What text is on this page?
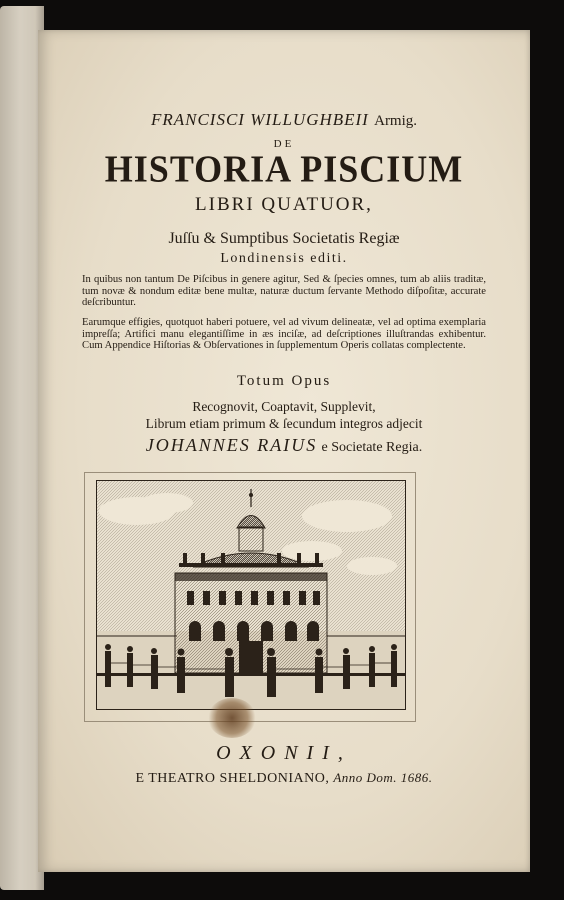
FRANCISCI WILLUGHBEII Armig.
DE
HISTORIA PISCIUM
LIBRI QUATUOR,
Juſſu & Sumptibus Societatis Regiæ
Londinensis editi.
In quibus non tantum De Piſcibus in genere agitur, Sed & ſpecies omnes, tum ab aliis traditæ, tum novæ & nondum editæ bene multæ, naturæ ductum ſervante Methodo diſpoſitæ, accurate deſcribuntur.
Earumque effigies, quotquot haberi potuere, vel ad vivum delineatæ, vel ad optima exemplaria impreſſa; Artifici manu elegantiſſime in æs inciſæ, ad deſcriptiones illuſtrandas exhibentur. Cum Appendice Hiſtorias & Obſervationes in ſupplementum Operis collatas complectente.
Totum Opus
Recognovit, Coaptavit, Supplevit,
Librum etiam primum & ſecundum integros adjecit
JOHANNES RAIUS e Societate Regia.
OXONII,
E THEATRO SHELDONIANO, Anno Dom. 1686.
